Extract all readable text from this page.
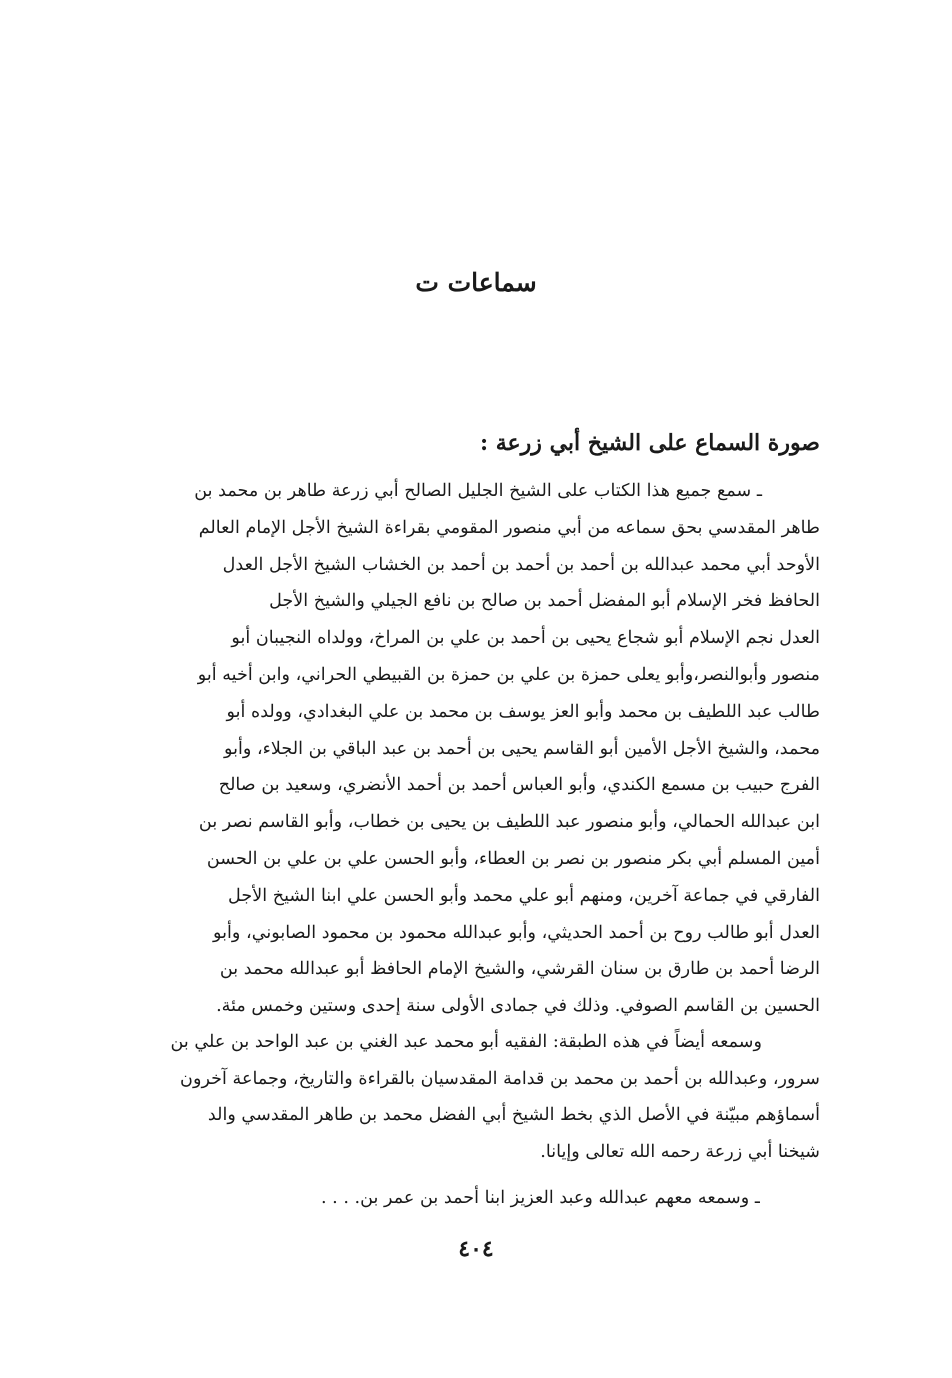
سماعات ت
صورة السماع على الشيخ أبي زرعة :
ـ سمع جميع هذا الكتاب على الشيخ الجليل الصالح أبي زرعة طاهر بن محمد بن
طاهر المقدسي بحق سماعه من أبي منصور المقومي بقراءة الشيخ الأجل الإمام العالم
الأوحد أبي محمد عبدالله بن أحمد بن أحمد بن أحمد بن الخشاب الشيخ الأجل العدل
الحافظ فخر الإسلام أبو المفضل أحمد بن صالح بن نافع الجيلي والشيخ الأجل
العدل نجم الإسلام أبو شجاع يحيى بن أحمد بن علي بن المراخ، وولداه النجيبان أبو
منصور وأبوالنصر،وأبو يعلى حمزة بن علي بن حمزة بن القبيطي الحراني، وابن أخيه أبو
طالب عبد اللطيف بن محمد وأبو العز يوسف بن محمد بن علي البغدادي، وولده أبو
محمد، والشيخ الأجل الأمين أبو القاسم يحيى بن أحمد بن عبد الباقي بن الجلاء، وأبو
الفرج حبيب بن مسمع الكندي، وأبو العباس أحمد بن أحمد الأنضري، وسعيد بن صالح
ابن عبدالله الحمالي، وأبو منصور عبد اللطيف بن يحيى بن خطاب، وأبو القاسم نصر بن
أمين المسلم أبي بكر منصور بن نصر بن العطاء، وأبو الحسن علي بن علي بن الحسن
الفارقي في جماعة آخرين، ومنهم أبو علي محمد وأبو الحسن علي ابنا الشيخ الأجل
العدل أبو طالب روح بن أحمد الحديثي، وأبو عبدالله محمود بن محمود الصابوني، وأبو
الرضا أحمد بن طارق بن سنان القرشي، والشيخ الإمام الحافظ أبو عبدالله محمد بن
الحسين بن القاسم الصوفي. وذلك في جمادى الأولى سنة إحدى وستين وخمس مئة.
وسمعه أيضاً في هذه الطبقة: الفقيه أبو محمد عبد الغني بن عبد الواحد بن علي بن
سرور، وعبدالله بن أحمد بن محمد بن قدامة المقدسيان بالقراءة والتاريخ، وجماعة آخرون
أسماؤهم مبيّنة في الأصل الذي بخط الشيخ أبي الفضل محمد بن طاهر المقدسي والد
شيخنا أبي زرعة رحمه الله تعالى وإيانا.
ـ وسمعه معهم عبدالله وعبد العزيز ابنا أحمد بن عمر بن. . . .
٤٠٤
